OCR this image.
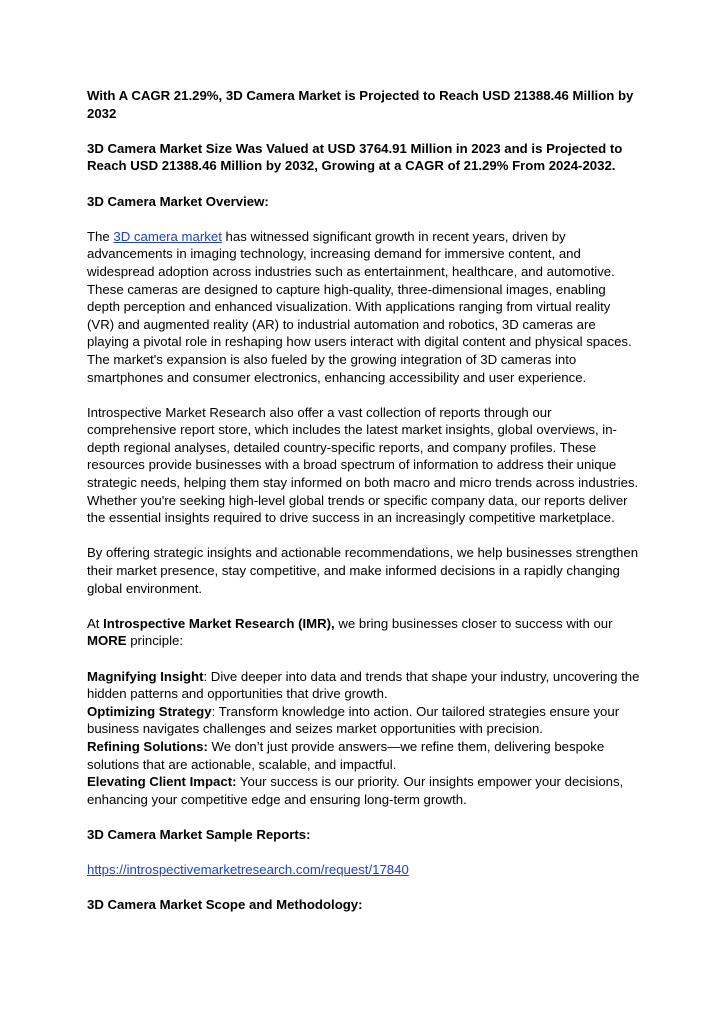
With A CAGR 21.29%, 3D Camera Market is Projected to Reach USD 21388.46 Million by 2032
3D Camera Market Size Was Valued at USD 3764.91 Million in 2023 and is Projected to Reach USD 21388.46 Million by 2032, Growing at a CAGR of 21.29% From 2024-2032.
3D Camera Market Overview:

The 3D camera market has witnessed significant growth in recent years, driven by advancements in imaging technology, increasing demand for immersive content, and widespread adoption across industries such as entertainment, healthcare, and automotive. These cameras are designed to capture high-quality, three-dimensional images, enabling depth perception and enhanced visualization. With applications ranging from virtual reality (VR) and augmented reality (AR) to industrial automation and robotics, 3D cameras are playing a pivotal role in reshaping how users interact with digital content and physical spaces. The market's expansion is also fueled by the growing integration of 3D cameras into smartphones and consumer electronics, enhancing accessibility and user experience.

Introspective Market Research also offer a vast collection of reports through our comprehensive report store, which includes the latest market insights, global overviews, in-depth regional analyses, detailed country-specific reports, and company profiles. These resources provide businesses with a broad spectrum of information to address their unique strategic needs, helping them stay informed on both macro and micro trends across industries. Whether you're seeking high-level global trends or specific company data, our reports deliver the essential insights required to drive success in an increasingly competitive marketplace.

By offering strategic insights and actionable recommendations, we help businesses strengthen their market presence, stay competitive, and make informed decisions in a rapidly changing global environment.

At Introspective Market Research (IMR), we bring businesses closer to success with our MORE principle:

Magnifying Insight: Dive deeper into data and trends that shape your industry, uncovering the hidden patterns and opportunities that drive growth.

Optimizing Strategy: Transform knowledge into action. Our tailored strategies ensure your business navigates challenges and seizes market opportunities with precision.

Refining Solutions: We don’t just provide answers—we refine them, delivering bespoke solutions that are actionable, scalable, and impactful.

Elevating Client Impact: Your success is our priority. Our insights empower your decisions, enhancing your competitive edge and ensuring long-term growth.

3D Camera Market Sample Reports:

https://introspectivemarketresearch.com/request/17840

3D Camera Market Scope and Methodology:
